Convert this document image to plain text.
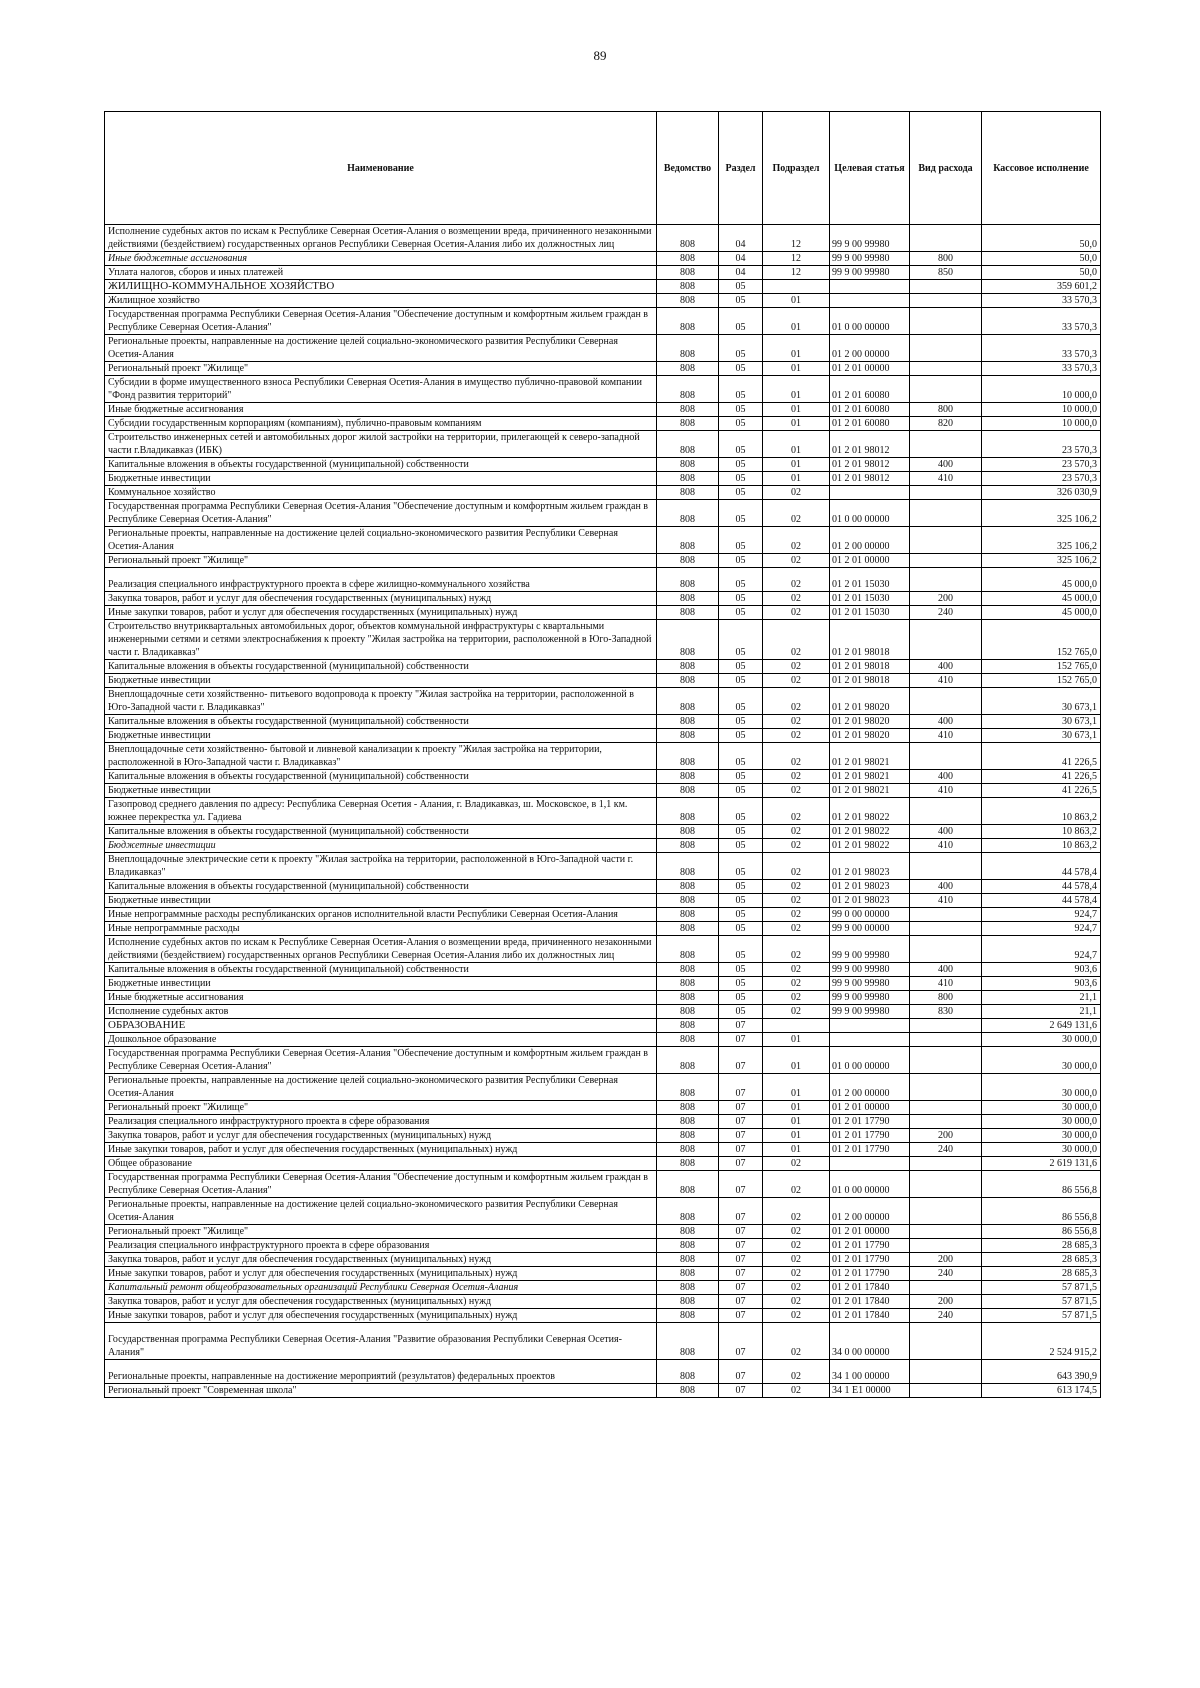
89
Наименование	Ведомство	Раздел	Подраздел	Целевая статья	Вид расхода	Кассовое исполнение
Исполнение судебных актов по искам к Республике Северная Осетия-Алания о возмещении вреда, причиненного незаконными действиями (бездействием) государственных органов Республики Северная Осетия-Алания либо их должностных лиц	808	04	12	99 9 00 99980		50,0
Иные бюджетные ассигнования	808	04	12	99 9 00 99980	800	50,0
Уплата налогов, сборов и иных платежей	808	04	12	99 9 00 99980	850	50,0
ЖИЛИЩНО-КОММУНАЛЬНОЕ ХОЗЯЙСТВО	808	05				359 601,2
Жилищное хозяйство	808	05	01			33 570,3
Государственная программа Республики Северная Осетия-Алания "Обеспечение доступным и комфортным жильем граждан в Республике Северная Осетия-Алания"	808	05	01	01 0 00 00000		33 570,3
Региональные проекты, направленные на достижение целей социально-экономического развития Республики Северная Осетия-Алания	808	05	01	01 2 00 00000		33 570,3
Региональный проект "Жилище"	808	05	01	01 2 01 00000		33 570,3
Субсидии в форме имущественного взноса Республики Северная Осетия-Алания в имущество публично-правовой компании "Фонд развития территорий"	808	05	01	01 2 01 60080		10 000,0
Иные бюджетные ассигнования	808	05	01	01 2 01 60080	800	10 000,0
Субсидии государственным корпорациям (компаниям), публично-правовым компаниям	808	05	01	01 2 01 60080	820	10 000,0
Строительство инженерных сетей и автомобильных дорог жилой застройки на территории, прилегающей к северо-западной части г.Владикавказ (ИБК)	808	05	01	01 2 01 98012		23 570,3
Капитальные вложения в объекты государственной (муниципальной) собственности	808	05	01	01 2 01 98012	400	23 570,3
Бюджетные инвестиции	808	05	01	01 2 01 98012	410	23 570,3
Коммунальное хозяйство	808	05	02			326 030,9
Государственная программа Республики Северная Осетия-Алания "Обеспечение доступным и комфортным жильем граждан в Республике Северная Осетия-Алания"	808	05	02	01 0 00 00000		325 106,2
Региональные проекты, направленные на достижение целей социально-экономического развития Республики Северная Осетия-Алания	808	05	02	01 2 00 00000		325 106,2
Региональный проект "Жилище"	808	05	02	01 2 01 00000		325 106,2
Реализация специального инфраструктурного проекта в сфере жилищно-коммунального хозяйства	808	05	02	01 2 01 15030		45 000,0
Закупка товаров, работ и услуг для обеспечения государственных (муниципальных) нужд	808	05	02	01 2 01 15030	200	45 000,0
Иные закупки товаров, работ и услуг для обеспечения государственных (муниципальных) нужд	808	05	02	01 2 01 15030	240	45 000,0
Строительство внутриквартальных автомобильных дорог, объектов коммунальной инфраструктуры с квартальными инженерными сетями и сетями электроснабжения к проекту "Жилая застройка на территории, расположенной в Юго-Западной части г. Владикавказ"	808	05	02	01 2 01 98018		152 765,0
Капитальные вложения в объекты государственной (муниципальной) собственности	808	05	02	01 2 01 98018	400	152 765,0
Бюджетные инвестиции	808	05	02	01 2 01 98018	410	152 765,0
Внеплощадочные сети хозяйственно- питьевого водопровода к проекту "Жилая застройка на территории, расположенной в Юго-Западной части г. Владикавказ"	808	05	02	01 2 01 98020		30 673,1
Капитальные вложения в объекты государственной (муниципальной) собственности	808	05	02	01 2 01 98020	400	30 673,1
Бюджетные инвестиции	808	05	02	01 2 01 98020	410	30 673,1
Внеплощадочные сети хозяйственно- бытовой и ливневой канализации к проекту "Жилая застройка на территории, расположенной в Юго-Западной части г. Владикавказ"	808	05	02	01 2 01 98021		41 226,5
Капитальные вложения в объекты государственной (муниципальной) собственности	808	05	02	01 2 01 98021	400	41 226,5
Бюджетные инвестиции	808	05	02	01 2 01 98021	410	41 226,5
Газопровод среднего давления по адресу: Республика Северная Осетия - Алания, г. Владикавказ, ш. Московское, в 1,1 км. южнее перекрестка ул. Гадиева	808	05	02	01 2 01 98022		10 863,2
Капитальные вложения в объекты государственной (муниципальной) собственности	808	05	02	01 2 01 98022	400	10 863,2
Бюджетные инвестиции	808	05	02	01 2 01 98022	410	10 863,2
Внеплощадочные электрические сети к проекту "Жилая застройка на территории, расположенной в Юго-Западной части г. Владикавказ"	808	05	02	01 2 01 98023		44 578,4
Капитальные вложения в объекты государственной (муниципальной) собственности	808	05	02	01 2 01 98023	400	44 578,4
Бюджетные инвестиции	808	05	02	01 2 01 98023	410	44 578,4
Иные непрограммные расходы республиканских органов исполнительной власти Республики Северная Осетия-Алания	808	05	02	99 0 00 00000		924,7
Иные непрограммные расходы	808	05	02	99 9 00 00000		924,7
Исполнение судебных актов по искам к Республике Северная Осетия-Алания о возмещении вреда, причиненного незаконными действиями (бездействием) государственных органов Республики Северная Осетия-Алания либо их должностных лиц	808	05	02	99 9 00 99980		924,7
Капитальные вложения в объекты государственной (муниципальной) собственности	808	05	02	99 9 00 99980	400	903,6
Бюджетные инвестиции	808	05	02	99 9 00 99980	410	903,6
Иные бюджетные ассигнования	808	05	02	99 9 00 99980	800	21,1
Исполнение судебных актов	808	05	02	99 9 00 99980	830	21,1
ОБРАЗОВАНИЕ	808	07				2 649 131,6
Дошкольное образование	808	07	01			30 000,0
Государственная программа Республики Северная Осетия-Алания "Обеспечение доступным и комфортным жильем граждан в Республике Северная Осетия-Алания"	808	07	01	01 0 00 00000		30 000,0
Региональные проекты, направленные на достижение целей социально-экономического развития Республики Северная Осетия-Алания	808	07	01	01 2 00 00000		30 000,0
Региональный проект "Жилище"	808	07	01	01 2 01 00000		30 000,0
Реализация специального инфраструктурного проекта в сфере образования	808	07	01	01 2 01 17790		30 000,0
Закупка товаров, работ и услуг для обеспечения государственных (муниципальных) нужд	808	07	01	01 2 01 17790	200	30 000,0
Иные закупки товаров, работ и услуг для обеспечения государственных (муниципальных) нужд	808	07	01	01 2 01 17790	240	30 000,0
Общее образование	808	07	02			2 619 131,6
Государственная программа Республики Северная Осетия-Алания "Обеспечение доступным и комфортным жильем граждан в Республике Северная Осетия-Алания"	808	07	02	01 0 00 00000		86 556,8
Региональные проекты, направленные на достижение целей социально-экономического развития Республики Северная Осетия-Алания	808	07	02	01 2 00 00000		86 556,8
Региональный проект "Жилище"	808	07	02	01 2 01 00000		86 556,8
Реализация специального инфраструктурного проекта в сфере образования	808	07	02	01 2 01 17790		28 685,3
Закупка товаров, работ и услуг для обеспечения государственных (муниципальных) нужд	808	07	02	01 2 01 17790	200	28 685,3
Иные закупки товаров, работ и услуг для обеспечения государственных (муниципальных) нужд	808	07	02	01 2 01 17790	240	28 685,3
Капитальный ремонт общеобразовательных организаций Республики Северная Осетия-Алания	808	07	02	01 2 01 17840		57 871,5
Закупка товаров, работ и услуг для обеспечения государственных (муниципальных) нужд	808	07	02	01 2 01 17840	200	57 871,5
Иные закупки товаров, работ и услуг для обеспечения государственных (муниципальных) нужд	808	07	02	01 2 01 17840	240	57 871,5
Государственная программа Республики Северная Осетия-Алания "Развитие образования Республики Северная Осетия-Алания"	808	07	02	34 0 00 00000		2 524 915,2
Региональные проекты, направленные на достижение мероприятий (результатов) федеральных проектов	808	07	02	34 1 00 00000		643 390,9
Региональный проект "Современная школа"	808	07	02	34 1 E1 00000		613 174,5
